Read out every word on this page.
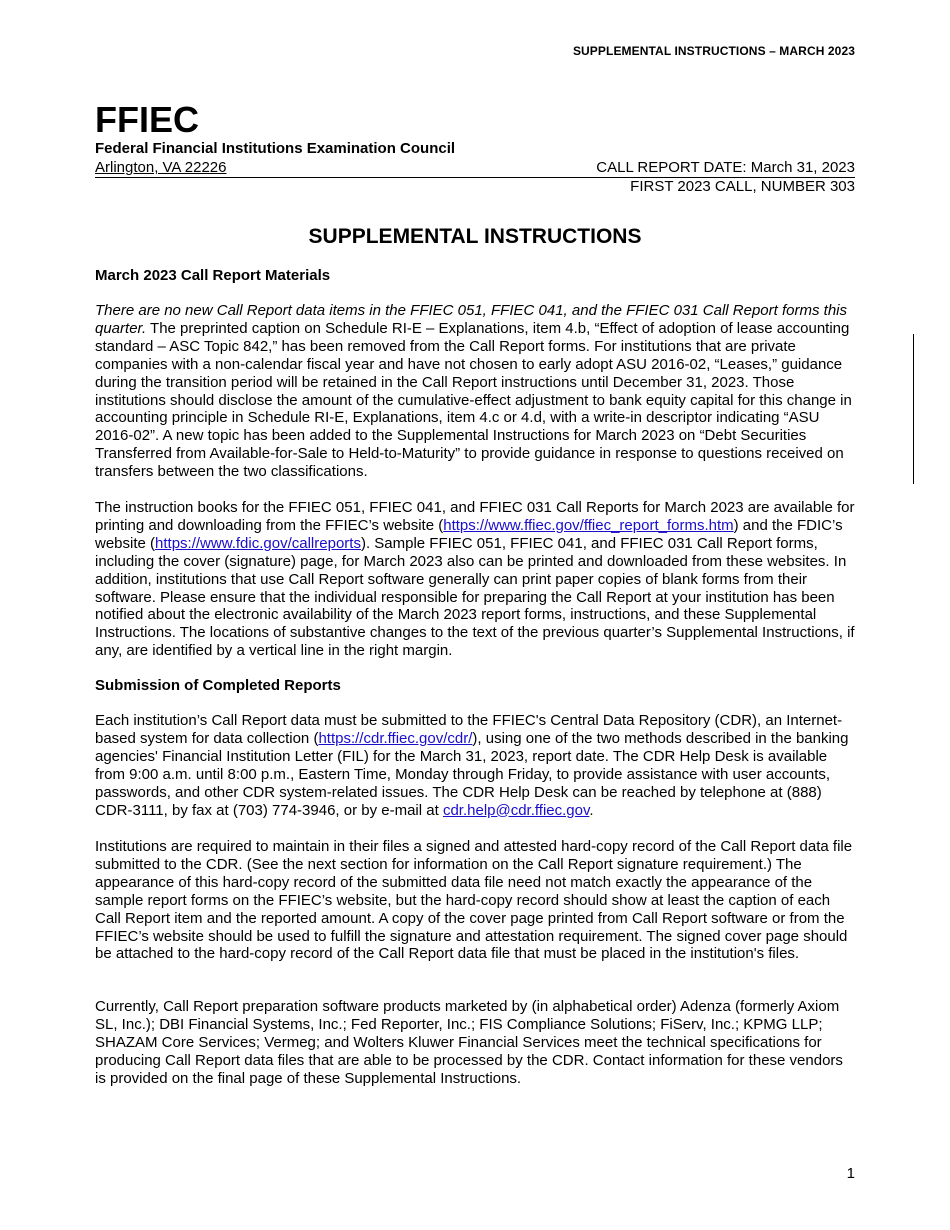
SUPPLEMENTAL INSTRUCTIONS – MARCH 2023
FFIEC
Federal Financial Institutions Examination Council
Arlington, VA 22226	CALL REPORT DATE: March 31, 2023
FIRST 2023 CALL, NUMBER 303
SUPPLEMENTAL INSTRUCTIONS
March 2023 Call Report Materials

There are no new Call Report data items in the FFIEC 051, FFIEC 041, and the FFIEC 031 Call Report forms this quarter. The preprinted caption on Schedule RI-E – Explanations, item 4.b, “Effect of adoption of lease accounting standard – ASC Topic 842,” has been removed from the Call Report forms. For institutions that are private companies with a non-calendar fiscal year and have not chosen to early adopt ASU 2016-02, “Leases,” guidance during the transition period will be retained in the Call Report instructions until December 31, 2023. Those institutions should disclose the amount of the cumulative-effect adjustment to bank equity capital for this change in accounting principle in Schedule RI-E, Explanations, item 4.c or 4.d, with a write-in descriptor indicating “ASU 2016-02”. A new topic has been added to the Supplemental Instructions for March 2023 on “Debt Securities Transferred from Available-for-Sale to Held-to-Maturity” to provide guidance in response to questions received on transfers between the two classifications.

The instruction books for the FFIEC 051, FFIEC 041, and FFIEC 031 Call Reports for March 2023 are available for printing and downloading from the FFIEC’s website (https://www.ffiec.gov/ffiec_report_forms.htm) and the FDIC’s website (https://www.fdic.gov/callreports). Sample FFIEC 051, FFIEC 041, and FFIEC 031 Call Report forms, including the cover (signature) page, for March 2023 also can be printed and downloaded from these websites. In addition, institutions that use Call Report software generally can print paper copies of blank forms from their software. Please ensure that the individual responsible for preparing the Call Report at your institution has been notified about the electronic availability of the March 2023 report forms, instructions, and these Supplemental Instructions. The locations of substantive changes to the text of the previous quarter’s Supplemental Instructions, if any, are identified by a vertical line in the right margin.

Submission of Completed Reports

Each institution’s Call Report data must be submitted to the FFIEC's Central Data Repository (CDR), an Internet-based system for data collection (https://cdr.ffiec.gov/cdr/), using one of the two methods described in the banking agencies' Financial Institution Letter (FIL) for the March 31, 2023, report date. The CDR Help Desk is available from 9:00 a.m. until 8:00 p.m., Eastern Time, Monday through Friday, to provide assistance with user accounts, passwords, and other CDR system-related issues. The CDR Help Desk can be reached by telephone at (888) CDR-3111, by fax at (703) 774-3946, or by e-mail at cdr.help@cdr.ffiec.gov.

Institutions are required to maintain in their files a signed and attested hard-copy record of the Call Report data file submitted to the CDR. (See the next section for information on the Call Report signature requirement.) The appearance of this hard-copy record of the submitted data file need not match exactly the appearance of the sample report forms on the FFIEC’s website, but the hard-copy record should show at least the caption of each Call Report item and the reported amount. A copy of the cover page printed from Call Report software or from the FFIEC’s website should be used to fulfill the signature and attestation requirement. The signed cover page should be attached to the hard-copy record of the Call Report data file that must be placed in the institution's files.

Currently, Call Report preparation software products marketed by (in alphabetical order) Adenza (formerly Axiom SL, Inc.); DBI Financial Systems, Inc.; Fed Reporter, Inc.; FIS Compliance Solutions; FiServ, Inc.; KPMG LLP; SHAZAM Core Services; Vermeg; and Wolters Kluwer Financial Services meet the technical specifications for producing Call Report data files that are able to be processed by the CDR. Contact information for these vendors is provided on the final page of these Supplemental Instructions.

1
